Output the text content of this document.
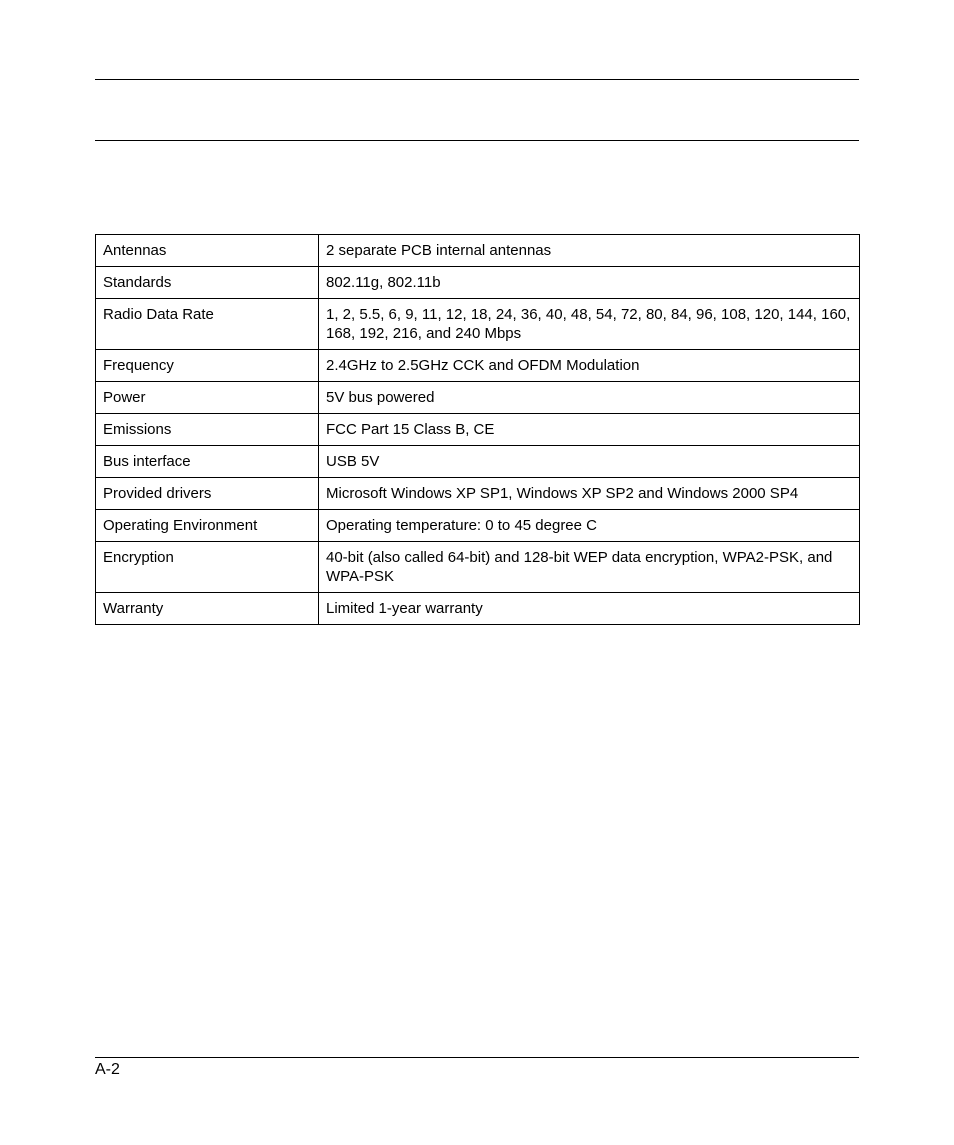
Antennas	2 separate PCB internal antennas
Standards	802.11g, 802.11b
Radio Data Rate	1, 2, 5.5, 6, 9, 11, 12, 18, 24, 36, 40, 48, 54, 72, 80, 84, 96, 108, 120, 144, 160, 168, 192, 216, and 240 Mbps
Frequency	2.4GHz to 2.5GHz CCK and OFDM Modulation
Power	5V bus powered
Emissions	FCC Part 15 Class B, CE
Bus interface	USB 5V
Provided drivers	Microsoft Windows XP SP1, Windows XP SP2 and Windows 2000 SP4
Operating Environment	Operating temperature: 0 to 45 degree C
Encryption	40-bit (also called 64-bit) and 128-bit WEP data encryption, WPA2-PSK, and WPA-PSK
Warranty	Limited 1-year warranty
A-2
